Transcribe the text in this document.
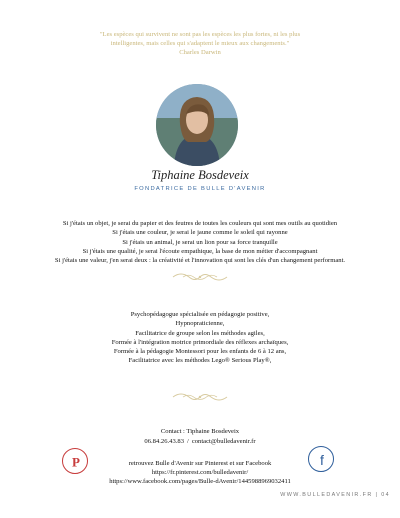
"Les espèces qui survivent ne sont pas les espèces les plus fortes, ni les plus
intelligentes, mais celles qui s'adaptent le mieux aux changements."
Charles Darwin
Tiphaine Bosdeveix
FONDATRICE DE BULLE D'AVENIR
Si j'étais un objet, je serai du papier et des feutres de toutes les couleurs qui sont mes outils au quotidien
Si j'étais une couleur, je serai le jaune comme le soleil qui rayonne
Si j'étais un animal, je serai un lion pour sa force tranquille
Si j'étais une qualité, je serai l'écoute empathique, la base de mon métier d'accompagnant
Si j'étais une valeur, j'en serai deux : la créativité et l'innovation qui sont les clés d'un changement performant.
Psychopédagogue spécialisée en pédagogie positive,
Hypnopraticienne,
Facilitatrice de groupe selon les méthodes agiles,
Formée à l'intégration motrice primordiale des réflexes archaïques,
Formée à la pédagogie Montessori pour les enfants de 6 à 12 ans,
Facilitatrice avec les méthodes Lego® Serious Play®,
Contact : Tiphaine Bosdeveix
06.84.26.43.83 / contact@bulledavenir.fr
P	retrouvez Bulle d'Avenir sur Pinterest et sur Facebook
https://fr.pinterest.com/bulledavenir/
https://www.facebook.com/pages/Bulle-dAvenir/1445988969032411
f
WWW.BULLEDAVENIR.FR | 04
